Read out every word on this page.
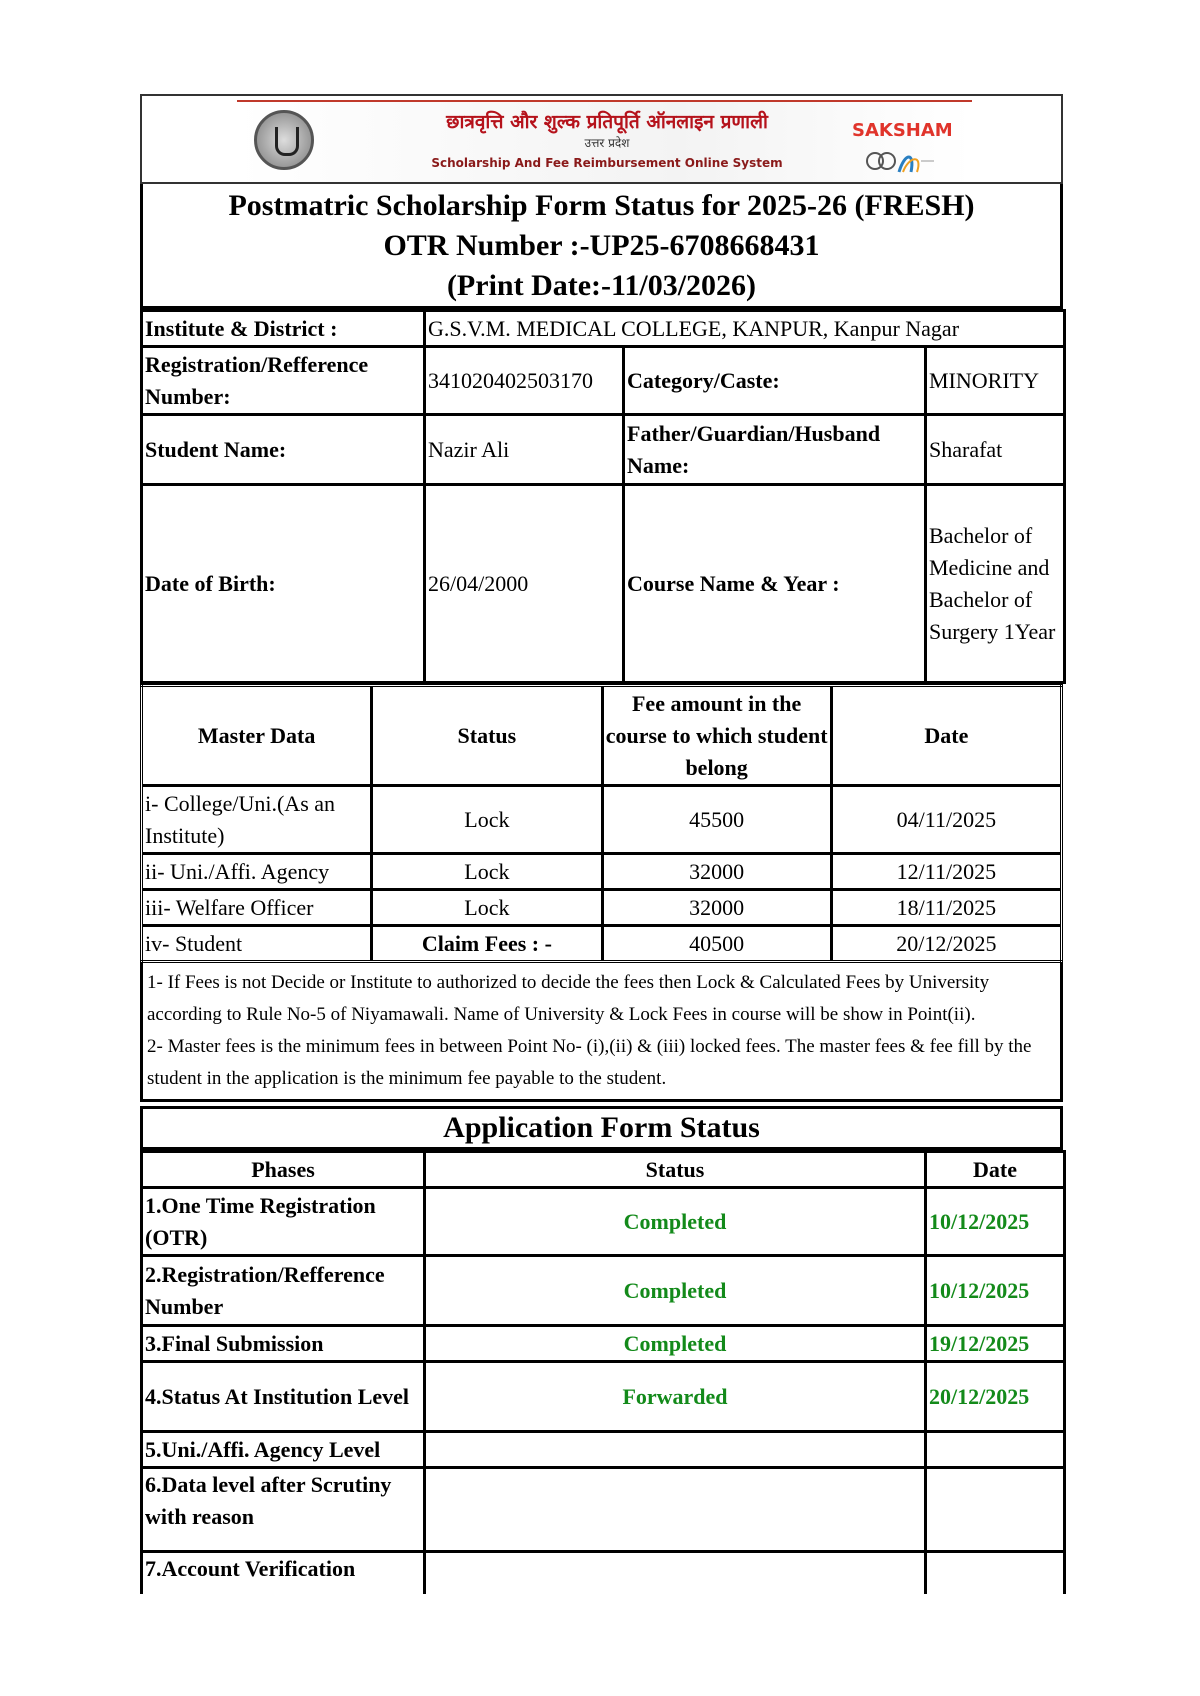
छात्रवृत्ति और शुल्क प्रतिपूर्ति ऑनलाइन प्रणाली
उत्तर प्रदेश
Scholarship And Fee Reimbursement Online System
SAKSHAM
Postmatric Scholarship Form Status for 2025-26 (FRESH)
OTR Number :-UP25-6708668431
(Print Date:-11/03/2026)
Institute & District :	G.S.V.M. MEDICAL COLLEGE, KANPUR, Kanpur Nagar		
Registration/Refference Number:	341020402503170	Category/Caste:	MINORITY
Student Name:	Nazir Ali	Father/Guardian/Husband Name:	Sharafat
Date of Birth:	26/04/2000	Course Name & Year :	Bachelor of Medicine and Bachelor of Surgery 1Year
Master Data	Status	Fee amount in the course to which student belong	Date
i- College/Uni.(As an Institute)	Lock	45500	04/11/2025
ii- Uni./Affi. Agency	Lock	32000	12/11/2025
iii- Welfare Officer	Lock	32000	18/11/2025
iv- Student	Claim Fees : -	40500	20/12/2025
1- If Fees is not Decide or Institute to authorized to decide the fees then Lock & Calculated Fees by University according to Rule No-5 of Niyamawali. Name of University & Lock Fees in course will be show in Point(ii).
2- Master fees is the minimum fees in between Point No- (i),(ii) & (iii) locked fees. The master fees & fee fill by the student in the application is the minimum fee payable to the student.
Application Form Status
Phases	Status	Date
1.One Time Registration (OTR)	Completed	10/12/2025
2.Registration/Refference Number	Completed	10/12/2025
3.Final Submission	Completed	19/12/2025
4.Status At Institution Level	Forwarded	20/12/2025
5.Uni./Affi. Agency Level		
6.Data level after Scrutiny with reason		
7.Account Verification		
